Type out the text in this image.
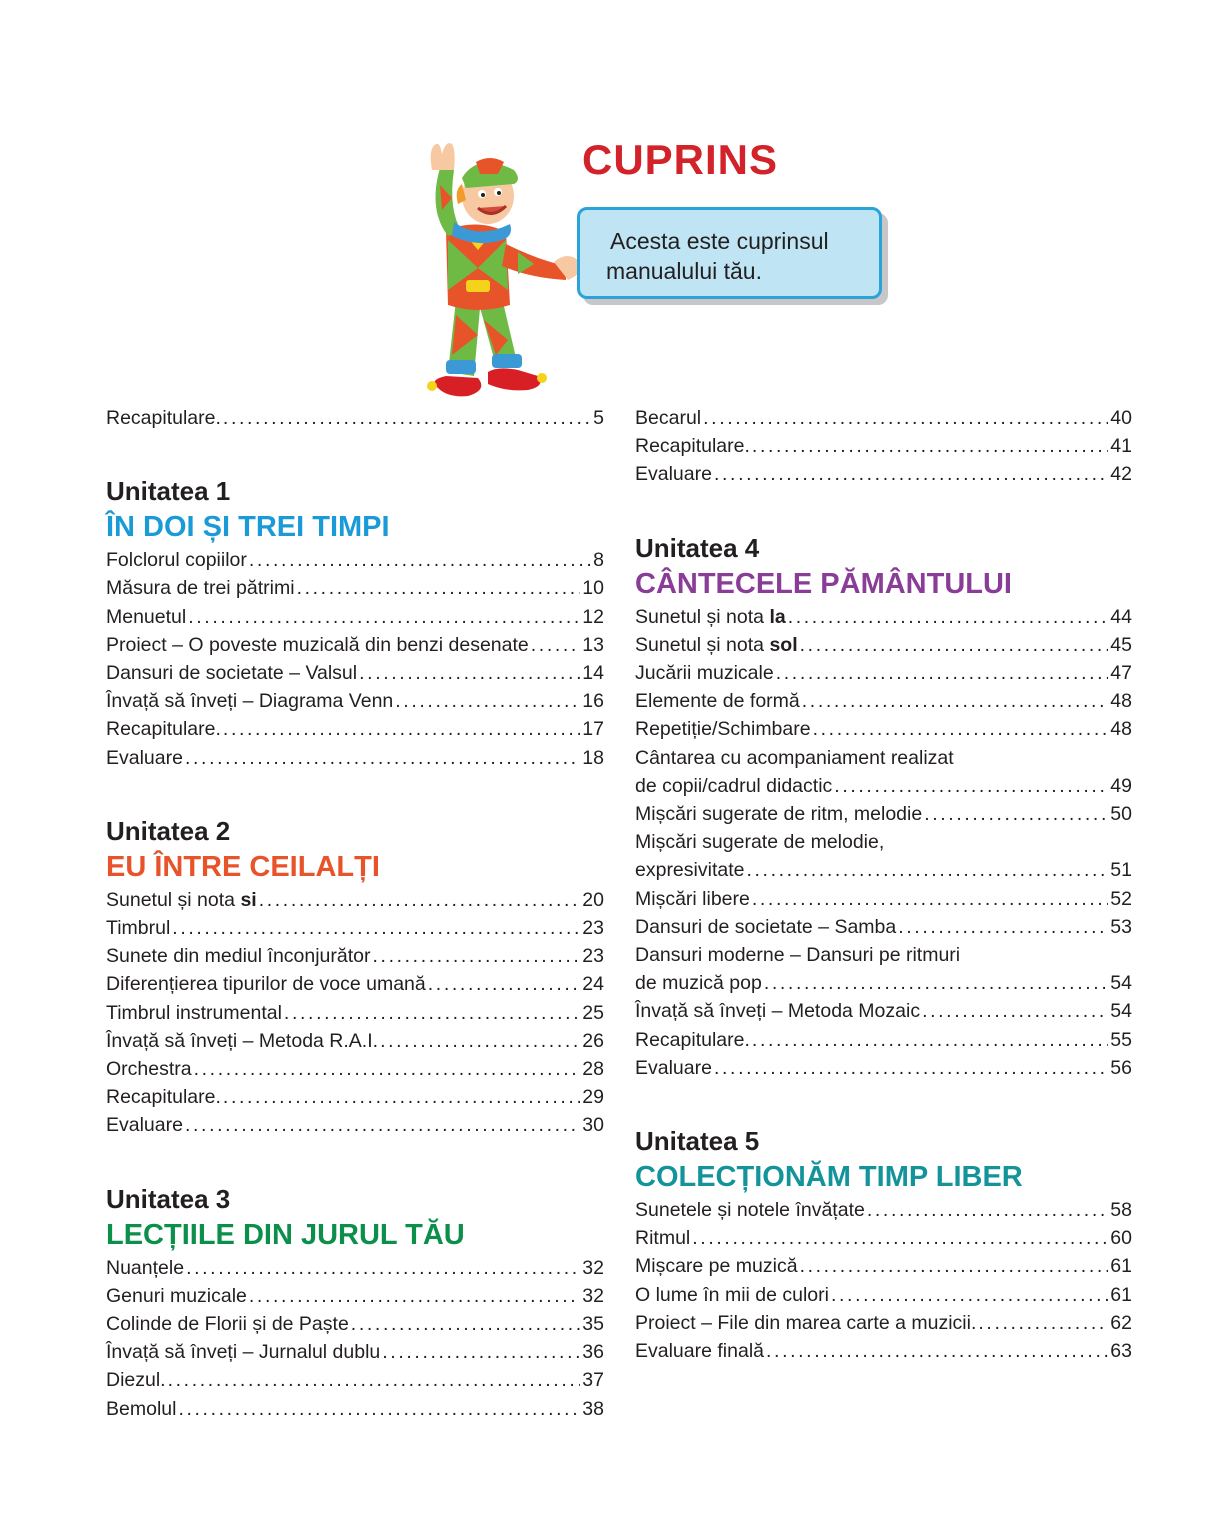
CUPRINS
Acesta este cuprinsul
manualului tău.
Recapitulare. . . .	5
Unitatea 1
ÎN DOI ȘI TREI TIMPI
Folclorul copiilor . . .	8
Măsura de trei pătrimi . . .	10
Menuetul . . .	12
Proiect – O poveste muzicală din benzi desenate . . .	13
Dansuri de societate – Valsul . . .	14
Învață să înveți – Diagrama Venn . . .	16
Recapitulare. . . .	17
Evaluare . . .	18
Unitatea 2
EU ÎNTRE CEILALȚI
Sunetul și nota si . . .	20
Timbrul . . .	23
Sunete din mediul înconjurător . . .	23
Diferențierea tipurilor de voce umană . . .	24
Timbrul instrumental . . .	25
Învață să înveți – Metoda R.A.I. . . .	26
Orchestra . . .	28
Recapitulare. . . .	29
Evaluare . . .	30
Unitatea 3
LECȚIILE DIN JURUL TĂU
Nuanțele . . .	32
Genuri muzicale . . .	32
Colinde de Florii și de Paște . . .	35
Învață să înveți – Jurnalul dublu . . .	36
Diezul. . . .	37
Bemolul . . .	38
Becarul . . .	40
Recapitulare. . . .	41
Evaluare . . .	42
Unitatea 4
CÂNTECELE PĂMÂNTULUI
Sunetul și nota la . . .	44
Sunetul și nota sol . . .	45
Jucării muzicale . . .	47
Elemente de formă . . .	48
Repetiție/Schimbare . . .	48
Cântarea cu acompaniament realizat
de copii/cadrul didactic . . .	49
Mișcări sugerate de ritm, melodie . . .	50
Mișcări sugerate de melodie,
expresivitate . . .	51
Mișcări libere . . .	52
Dansuri de societate – Samba . . .	53
Dansuri moderne – Dansuri pe ritmuri
de muzică pop . . .	54
Învață să înveți – Metoda Mozaic . . .	54
Recapitulare. . . .	55
Evaluare . . .	56
Unitatea 5
COLECȚIONĂM TIMP LIBER
Sunetele și notele învățate . . .	58
Ritmul . . .	60
Mișcare pe muzică . . .	61
O lume în mii de culori . . .	61
Proiect – File din marea carte a muzicii. . . .	62
Evaluare finală . . .	63
